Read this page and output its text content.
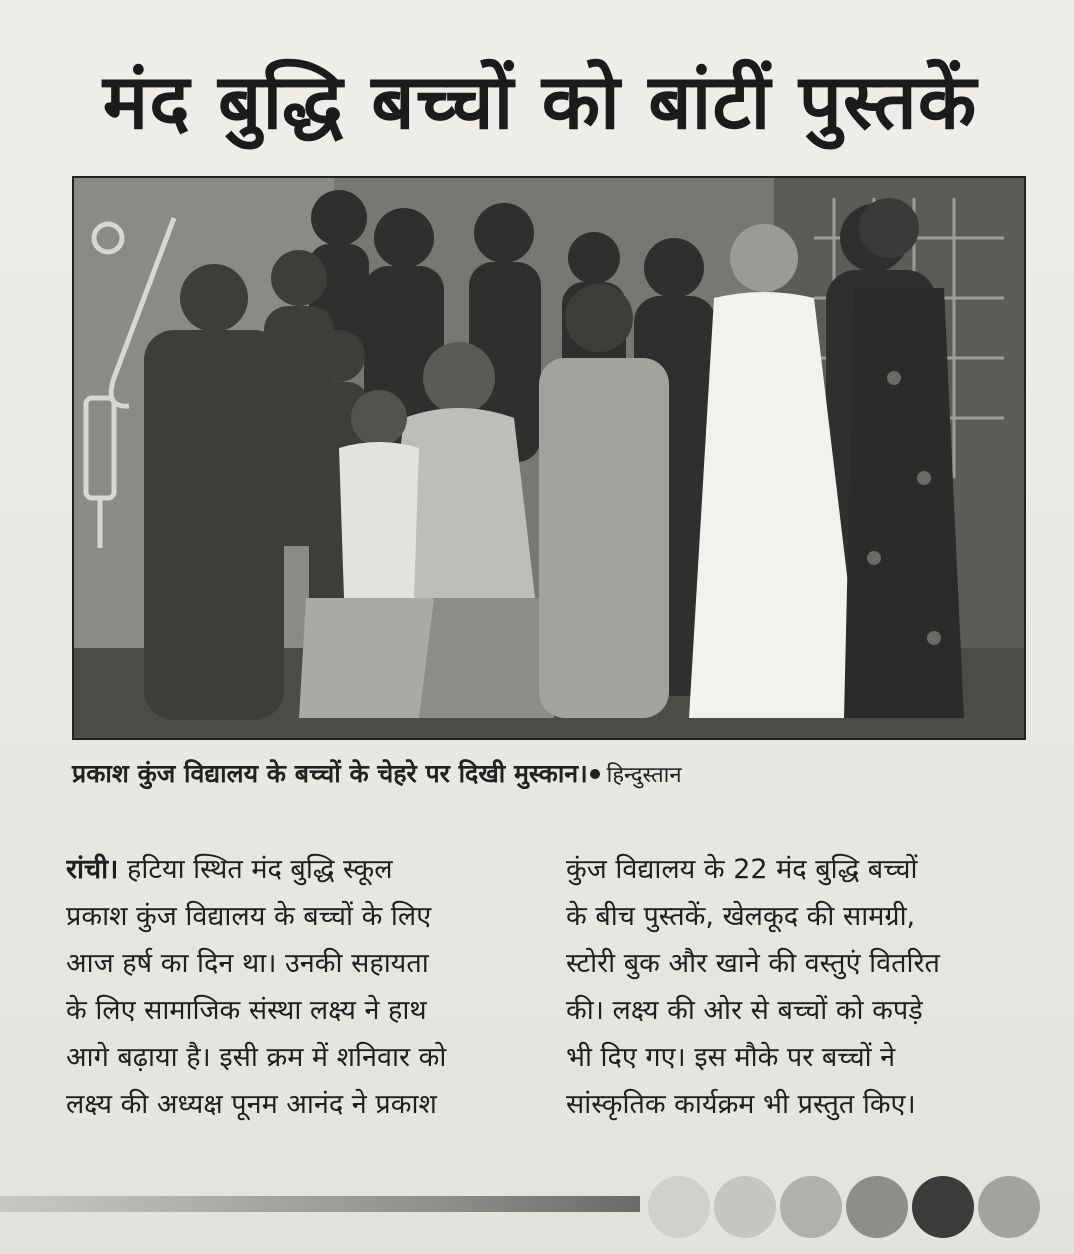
मंद बुद्धि बच्चों को बांटीं पुस्तकें
प्रकाश कुंज विद्यालय के बच्चों के चेहरे पर दिखी मुस्कान। हिन्दुस्तान
रांची। हटिया स्थित मंद बुद्धि स्कूल
प्रकाश कुंज विद्यालय के बच्चों के लिए
आज हर्ष का दिन था। उनकी सहायता
के लिए सामाजिक संस्था लक्ष्य ने हाथ
आगे बढ़ाया है। इसी क्रम में शनिवार को
लक्ष्य की अध्यक्ष पूनम आनंद ने प्रकाश
कुंज विद्यालय के 22 मंद बुद्धि बच्चों
के बीच पुस्तकें, खेलकूद की सामग्री,
स्टोरी बुक और खाने की वस्तुएं वितरित
की। लक्ष्य की ओर से बच्चों को कपड़े
भी दिए गए। इस मौके पर बच्चों ने
सांस्कृतिक कार्यक्रम भी प्रस्तुत किए।
